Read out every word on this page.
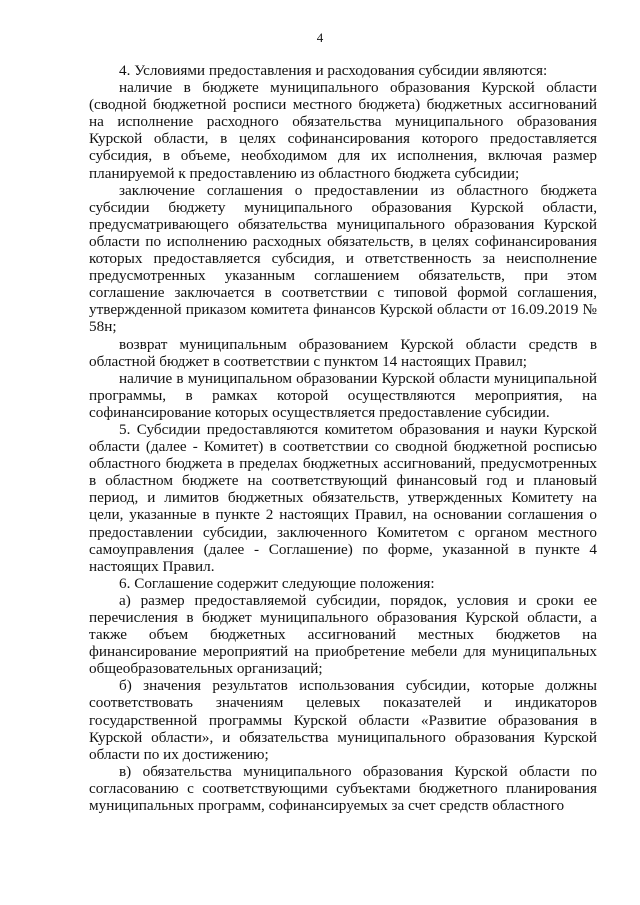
4

4. Условиями предоставления и расходования субсидии являются:

наличие в бюджете муниципального образования Курской области (сводной бюджетной росписи местного бюджета) бюджетных ассигнований на исполнение расходного обязательства муниципального образования Курской области, в целях софинансирования которого предоставляется субсидия, в объеме, необходимом для их исполнения, включая размер планируемой к предоставлению из областного бюджета субсидии;

заключение соглашения о предоставлении из областного бюджета субсидии бюджету муниципального образования Курской области, предусматривающего обязательства муниципального образования Курской области по исполнению расходных обязательств, в целях софинансирования которых предоставляется субсидия, и ответственность за неисполнение предусмотренных указанным соглашением обязательств, при этом соглашение заключается в соответствии с типовой формой соглашения, утвержденной приказом комитета финансов Курской области от 16.09.2019 № 58н;

возврат муниципальным образованием Курской области средств в областной бюджет в соответствии с пунктом 14 настоящих Правил;

наличие в муниципальном образовании Курской области муниципальной программы, в рамках которой осуществляются мероприятия, на софинансирование которых осуществляется предоставление субсидии.

5. Субсидии предоставляются комитетом образования и науки Курской области (далее - Комитет) в соответствии со сводной бюджетной росписью областного бюджета в пределах бюджетных ассигнований, предусмотренных в областном бюджете на соответствующий финансовый год и плановый период, и лимитов бюджетных обязательств, утвержденных Комитету на цели, указанные в пункте 2 настоящих Правил, на основании соглашения о предоставлении субсидии, заключенного Комитетом с органом местного самоуправления (далее - Соглашение) по форме, указанной в пункте 4 настоящих Правил.

6. Соглашение содержит следующие положения:

а) размер предоставляемой субсидии, порядок, условия и сроки ее перечисления в бюджет муниципального образования Курской области, а также объем бюджетных ассигнований местных бюджетов на финансирование мероприятий на приобретение мебели для муниципальных общеобразовательных организаций;

б) значения результатов использования субсидии, которые должны соответствовать значениям целевых показателей и индикаторов государственной программы Курской области «Развитие образования в Курской области», и обязательства муниципального образования Курской области по их достижению;

в) обязательства муниципального образования Курской области по согласованию с соответствующими субъектами бюджетного планирования муниципальных программ, софинансируемых за счет средств областного
